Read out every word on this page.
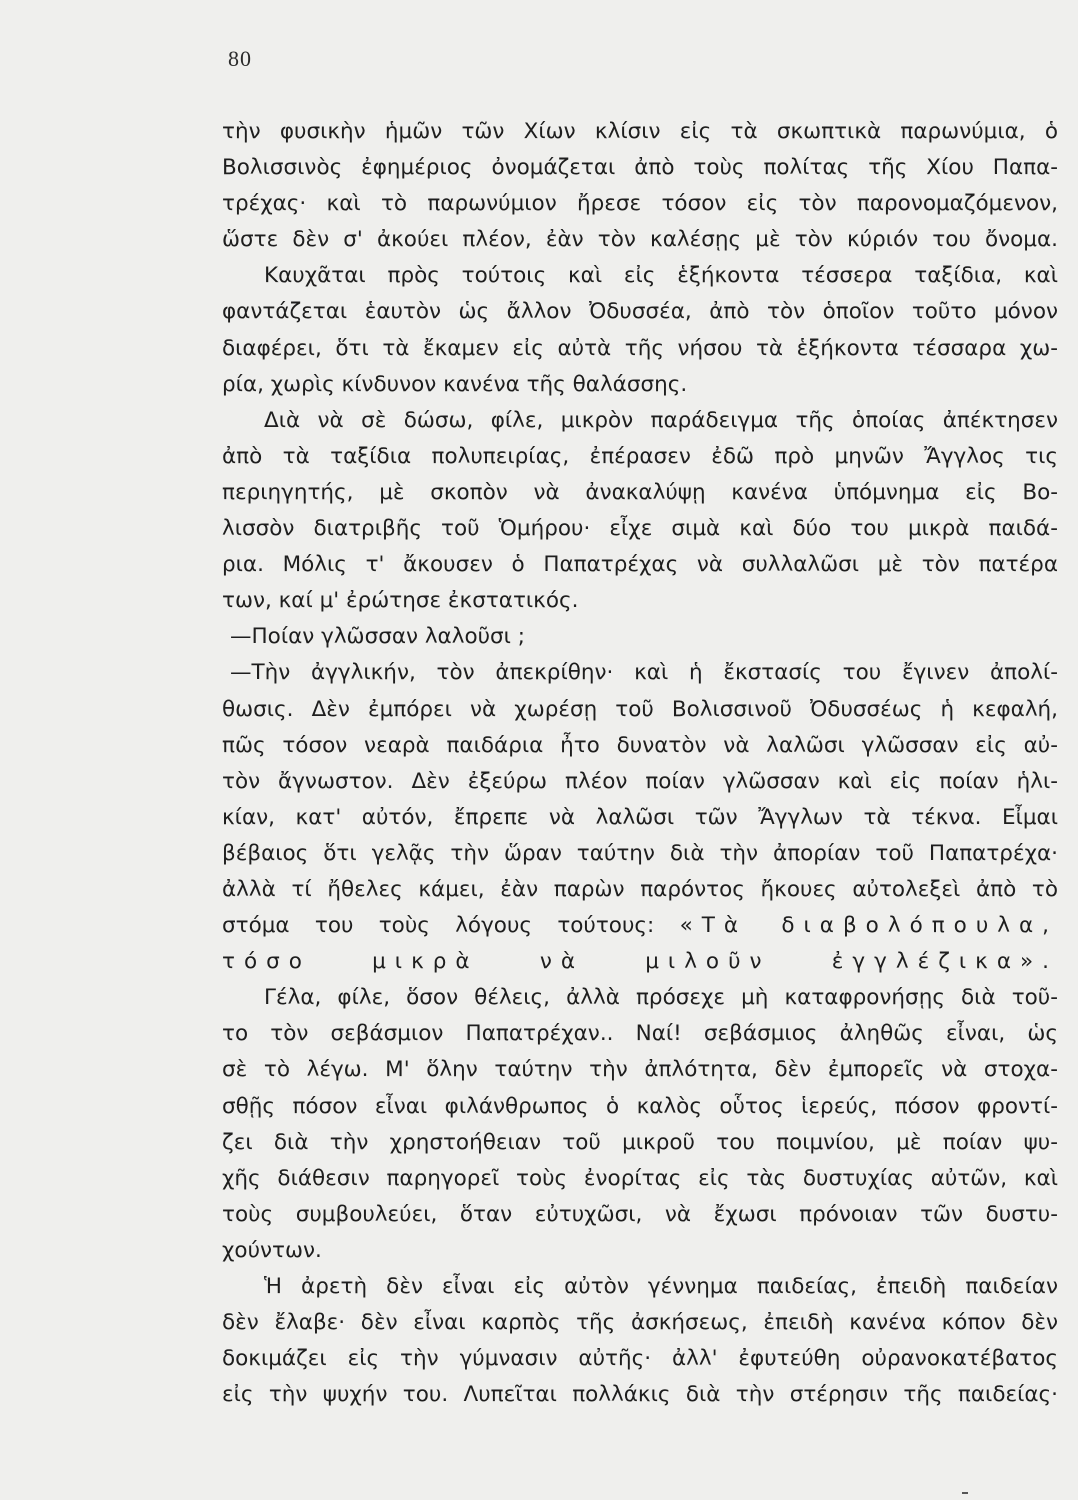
80
τὴν φυσικὴν ἡμῶν τῶν Χίων κλίσιν εἰς τὰ σκωπτικὰ παρωνύμια, ὁ
Βολισσινὸς ἐφημέριος ὀνομάζεται ἀπὸ τοὺς πολίτας τῆς Χίου Παπα-
τρέχας· καὶ τὸ παρωνύμιον ἤρεσε τόσον εἰς τὸν παρονομαζόμενον,
ὥστε δὲν σ' ἀκούει πλέον, ἐὰν τὸν καλέσῃς μὲ τὸν κύριόν του ὄνομα.
Καυχᾶται πρὸς τούτοις καὶ εἰς ἑξήκοντα τέσσερα ταξίδια, καὶ
φαντάζεται ἑαυτὸν ὡς ἄλλον Ὀδυσσέα, ἀπὸ τὸν ὁποῖον τοῦτο μόνον
διαφέρει, ὅτι τὰ ἔκαμεν εἰς αὐτὰ τῆς νήσου τὰ ἑξήκοντα τέσσαρα χω-
ρία, χωρὶς κίνδυνον κανένα τῆς θαλάσσης.
Διὰ νὰ σὲ δώσω, φίλε, μικρὸν παράδειγμα τῆς ὁποίας ἀπέκτησεν
ἀπὸ τὰ ταξίδια πολυπειρίας, ἐπέρασεν ἐδῶ πρὸ μηνῶν Ἄγγλος τις
περιηγητής, μὲ σκοπὸν νὰ ἀνακαλύψῃ κανένα ὑπόμνημα εἰς Βο-
λισσὸν διατριβῆς τοῦ Ὁμήρου· εἶχε σιμὰ καὶ δύο του μικρὰ παιδά-
ρια. Μόλις τ' ἄκουσεν ὁ Παπατρέχας νὰ συλλαλῶσι μὲ τὸν πατέρα
των, καί μ' ἐρώτησε ἐκστατικός.
—Ποίαν γλῶσσαν λαλοῦσι ;
—Τὴν ἀγγλικήν, τὸν ἀπεκρίθην· καὶ ἡ ἔκστασίς του ἔγινεν ἀπολί-
θωσις. Δὲν ἐμπόρει νὰ χωρέσῃ τοῦ Βολισσινοῦ Ὀδυσσέως ἡ κεφαλή,
πῶς τόσον νεαρὰ παιδάρια ἦτο δυνατὸν νὰ λαλῶσι γλῶσσαν εἰς αὐ-
τὸν ἄγνωστον. Δὲν ἐξεύρω πλέον ποίαν γλῶσσαν καὶ εἰς ποίαν ἡλι-
κίαν, κατ' αὐτόν, ἔπρεπε νὰ λαλῶσι τῶν Ἄγγλων τὰ τέκνα. Εἶμαι
βέβαιος ὅτι γελᾷς τὴν ὥραν ταύτην διὰ τὴν ἀπορίαν τοῦ Παπατρέχα·
ἀλλὰ τί ἤθελες κάμει, ἐὰν παρὼν παρόντος ἤκουες αὐτολεξεὶ ἀπὸ τὸ
στόμα του τοὺς λόγους τούτους: «Τὰ διαβολόπουλα,
τόσο μικρὰ νὰ μιλοῦν ἐγγλέζικα».
Γέλα, φίλε, ὅσον θέλεις, ἀλλὰ πρόσεχε μὴ καταφρονήσῃς διὰ τοῦ-
το τὸν σεβάσμιον Παπατρέχαν.. Ναί! σεβάσμιος ἀληθῶς εἶναι, ὡς
σὲ τὸ λέγω. Μ' ὅλην ταύτην τὴν ἀπλότητα, δὲν ἐμπορεῖς νὰ στοχα-
σθῇς πόσον εἶναι φιλάνθρωπος ὁ καλὸς οὗτος ἱερεύς, πόσον φροντί-
ζει διὰ τὴν χρηστοήθειαν τοῦ μικροῦ του ποιμνίου, μὲ ποίαν ψυ-
χῆς διάθεσιν παρηγορεῖ τοὺς ἐνορίτας εἰς τὰς δυστυχίας αὐτῶν, καὶ
τοὺς συμβουλεύει, ὅταν εὐτυχῶσι, νὰ ἔχωσι πρόνοιαν τῶν δυστυ-
χούντων.
Ἡ ἀρετὴ δὲν εἶναι εἰς αὐτὸν γέννημα παιδείας, ἐπειδὴ παιδείαν
δὲν ἔλαβε· δὲν εἶναι καρπὸς τῆς ἀσκήσεως, ἐπειδὴ κανένα κόπον δὲν
δοκιμάζει εἰς τὴν γύμνασιν αὐτῆς· ἀλλ' ἐφυτεύθη οὐρανοκατέβατος
εἰς τὴν ψυχήν του. Λυπεῖται πολλάκις διὰ τὴν στέρησιν τῆς παιδείας·
